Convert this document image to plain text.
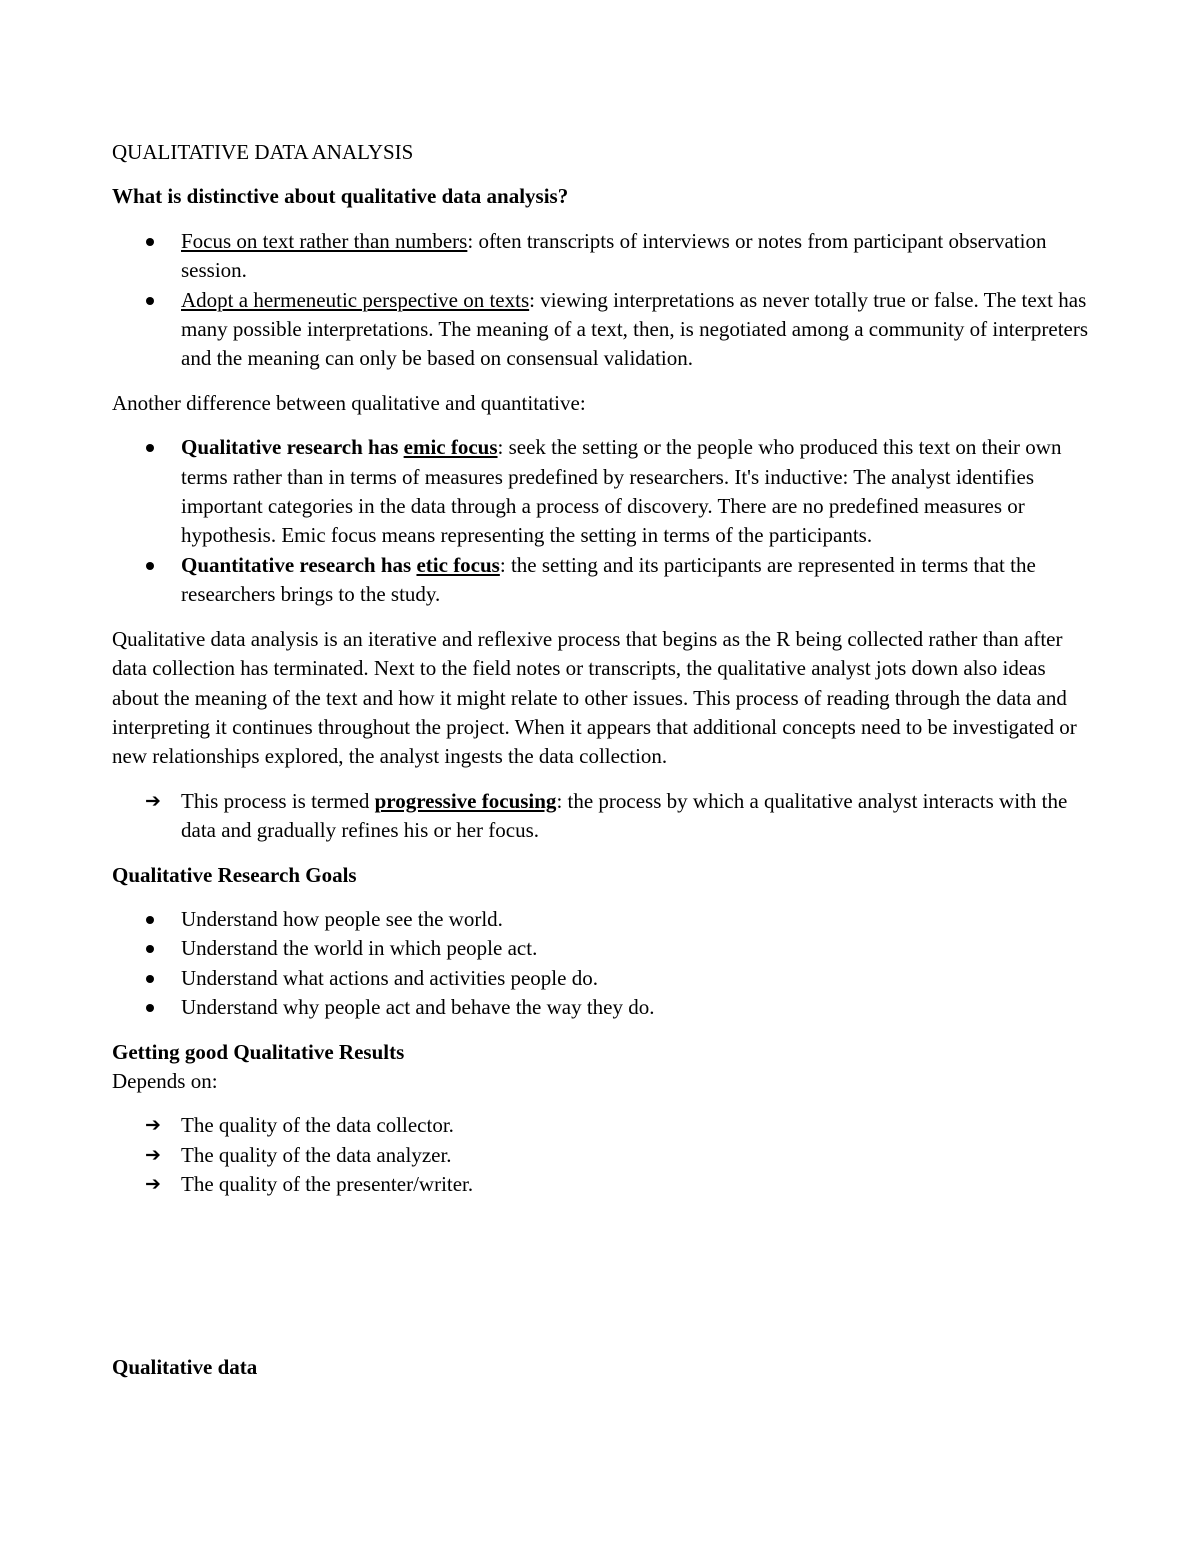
QUALITATIVE DATA ANALYSIS
What is distinctive about qualitative data analysis?
Focus on text rather than numbers: often transcripts of interviews or notes from participant observation session.
Adopt a hermeneutic perspective on texts: viewing interpretations as never totally true or false. The text has many possible interpretations. The meaning of a text, then, is negotiated among a community of interpreters and the meaning can only be based on consensual validation.

Another difference between qualitative and quantitative:

Qualitative research has emic focus: seek the setting or the people who produced this text on their own terms rather than in terms of measures predefined by researchers. It's inductive: The analyst identifies important categories in the data through a process of discovery. There are no predefined measures or hypothesis. Emic focus means representing the setting in terms of the participants.
Quantitative research has etic focus: the setting and its participants are represented in terms that the researchers brings to the study.

Qualitative data analysis is an iterative and reflexive process that begins as the R being collected rather than after data collection has terminated. Next to the field notes or transcripts, the qualitative analyst jots down also ideas about the meaning of the text and how it might relate to other issues. This process of reading through the data and interpreting it continues throughout the project. When it appears that additional concepts need to be investigated or new relationships explored, the analyst ingests the data collection.

➔ This process is termed progressive focusing: the process by which a qualitative analyst interacts with the data and gradually refines his or her focus.
Qualitative Research Goals
Understand how people see the world.
Understand the world in which people act.
Understand what actions and activities people do.
Understand why people act and behave the way they do.
Getting good Qualitative Results

Depends on:

➔ The quality of the data collector.
➔ The quality of the data analyzer.
➔ The quality of the presenter/writer.
Qualitative data
